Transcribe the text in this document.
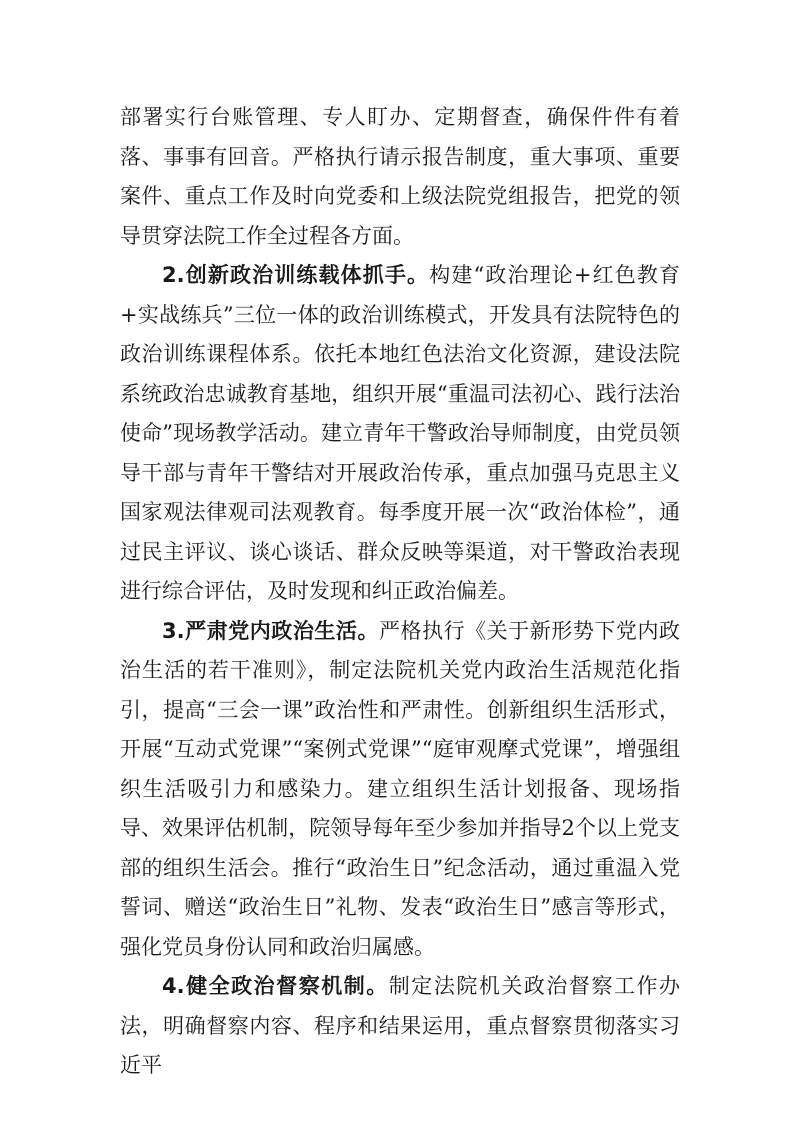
部署实行台账管理、专人盯办、定期督查，确保件件有着落、事事有回音。严格执行请示报告制度，重大事项、重要案件、重点工作及时向党委和上级法院党组报告，把党的领导贯穿法院工作全过程各方面。

2.创新政治训练载体抓手。构建“政治理论+红色教育+实战练兵”三位一体的政治训练模式，开发具有法院特色的政治训练课程体系。依托本地红色法治文化资源，建设法院系统政治忠诚教育基地，组织开展“重温司法初心、践行法治使命”现场教学活动。建立青年干警政治导师制度，由党员领导干部与青年干警结对开展政治传承，重点加强马克思主义国家观法律观司法观教育。每季度开展一次“政治体检”，通过民主评议、谈心谈话、群众反映等渠道，对干警政治表现进行综合评估，及时发现和纠正政治偏差。

3.严肃党内政治生活。严格执行《关于新形势下党内政治生活的若干准则》，制定法院机关党内政治生活规范化指引，提高“三会一课”政治性和严肃性。创新组织生活形式，开展“互动式党课”“案例式党课”“庭审观摩式党课”，增强组织生活吸引力和感染力。建立组织生活计划报备、现场指导、效果评估机制，院领导每年至少参加并指导2个以上党支部的组织生活会。推行“政治生日”纪念活动，通过重温入党誓词、赠送“政治生日”礼物、发表“政治生日”感言等形式，强化党员身份认同和政治归属感。

4.健全政治督察机制。制定法院机关政治督察工作办法，明确督察内容、程序和结果运用，重点督察贯彻落实习近平
